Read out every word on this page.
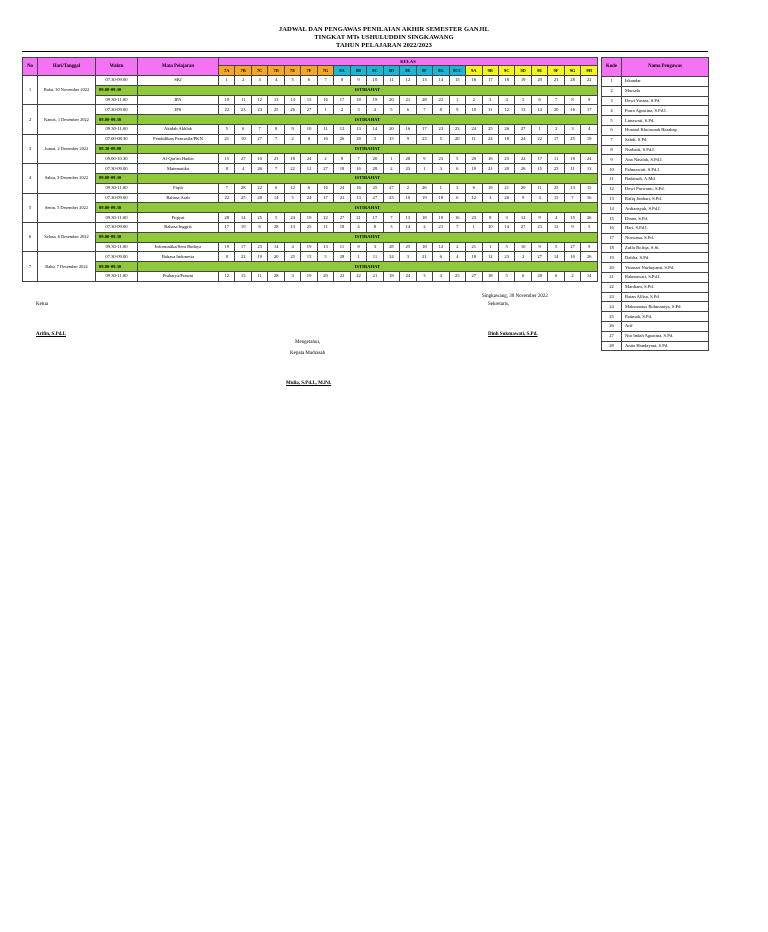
JADWAL DAN PENGAWAS PENILAIAN AKHIR SEMESTER GANJIL
TINGKAT MTs USHULUDDIN SINGKAWANG
TAHUN PELAJARAN 2022/2023
No	Hari/Tanggal	Waktu	Mata Pelajaran	KELAS																						
				7A	7B	7C	7D	7E	7F	7G	8A	8B	8C	8D	8E	8F	8G	8CC	9A	9B	9C	9D	9E	9F	9G	9H
1	Rabu, 30 November 2022	07.30-09.00	SKI	1	2	3	4	5	6	7	8	9	10	11	12	13	14	15	16	17	18	19	20	21	28	22
		09.00-09.30	ISTIRAHAT																							
		09.30-11.00	IPA	10	11	12	13	14	15	16	17	18	19	20	21	28	22	1	2	3	4	5	6	7	8	9
2	Kamis, 1 Desember 2022	07.30-09.00	IPS	22	23	24	25	26	27	1	2	3	4	5	6	7	8	9	10	11	12	13	14	20	16	17
		09.00-09.30	ISTIRAHAT																							
		09.30-11.00	Akidah Akhlak	5	6	7	8	9	10	11	12	13	14	20	16	17	22	23	24	25	26	27	1	2	3	4
3	Jumat, 2 Desember 2022	07.00-08.30	Pendidikan Pancasila/PKN	21	10	27	7	2	8	16	26	28	3	15	9	23	5	20	11	24	18	24	22	17	25	19
		08.30-09.00	ISTIRAHAT																							
		09.00-10.30	Al-Qur'an Hadits	15	27	10	21	18	24	2	8	7	20	1	28	9	23	5	20	16	25	22	17	11	18	24
4	Sabtu, 3 Desember 2022	07.30-09.00	Matematika	8	4	26	7	22	12	27	18	16	28	2	23	1	3	6	19	21	20	26	15	25	11	13
		09.00-09.30	ISTIRAHAT																							
		09.30-11.00	Fiqih	7	28	22	6	12	6	16	24	16	25	27	2	26	1	3	6	19	21	20	11	25	13	15
5	Senin, 5 Desember 2022	07.30-09.00	Bahasa Arab	22	25	28	14	5	24	17	21	13	27	23	10	19	18	6	12	3	26	9	4	15	7	16
		09.00-09.30	ISTIRAHAT																							
		09.30-11.00	Fiqiyat	28	14	25	5	24	19	22	27	21	17	7	13	18	10	16	23	8	3	12	9	4	15	26
6	Selasa, 6 Desember 2022	07.30-09.00	Bahasa Inggris	17	19	6	28	13	25	11	18	4	8	3	14	2	21	7	1	10	14	27	23	12	9	5
		09.00-09.30	ISTIRAHAT																							
		09.30-11.00	Informatika/Seni Budaya	19	17	23	14	4	19	13	11	8	3	28	25	18	12	2	21	1	5	10	9	5	27	9
7	Rabu, 7 Desember 2022	07.30-09.00	Bahasa Indonesia	8	22	19	20	25	15	5	28	1	11	24	3	21	6	4	18	12	23	2	27	14	10	26
		09.00-09.30	ISTIRAHAT																							
		09.30-11.00	Prakarya/Prasmi	12	15	11	28	3	19	20	23	22	21	18	24	3	4	25	27	18	5	6	28	6	2	14
Kode	Nama Pengawas
1	Iskandar
2	Mursela
3	Dewi Yusina, S.Pd.
4	Putra Agustina, S.Pd.I.
5	Lunawati, S.Pd.
6	Hosmal Khoirunah Harahap
7	Sahdi, S.Pd.
8	Nurbaiti, S.Pd.I.
9	Ana Nasifah, S.Pd.I.
10	Pahmawati, S.Pd.I.
11	Badarudi, A.Md.
12	Dewi Purwanti, S.Pd.
13	Rafiq Junhari, S.Pd.
14	Ardiansyah, S.Pd.I.
15	Diana, S.Pd.
16	Hari, S.Pd.I.
17	Norwana, S.Pd.
18	Zulfa Rofiqa, S.Si.
19	Dahlia, S.Pd.
20	Yinasari Nurbayanti, S.Pd.
21	Rahmawati, S.Pd.I.
22	Mardiani, S.Pd.
23	Ratan Alfisa, S.Pd.
24	Maksunatus Rohmaniya, S.Pd.
25	Patimah, S.Pd.
26	Arif
27	Nur Indah Agustina, S.Pd.
28	Anita Handayani, S.Pd.
Ketua
Arifin, S.Pd.I.
Singkawang, 30 November 2022
Sekretaris,
Dinh Sukmawati, S.Pd.
Mengetahui,
Kepala Madrasah
Mulia, S.Pd.I., M.Pd.
